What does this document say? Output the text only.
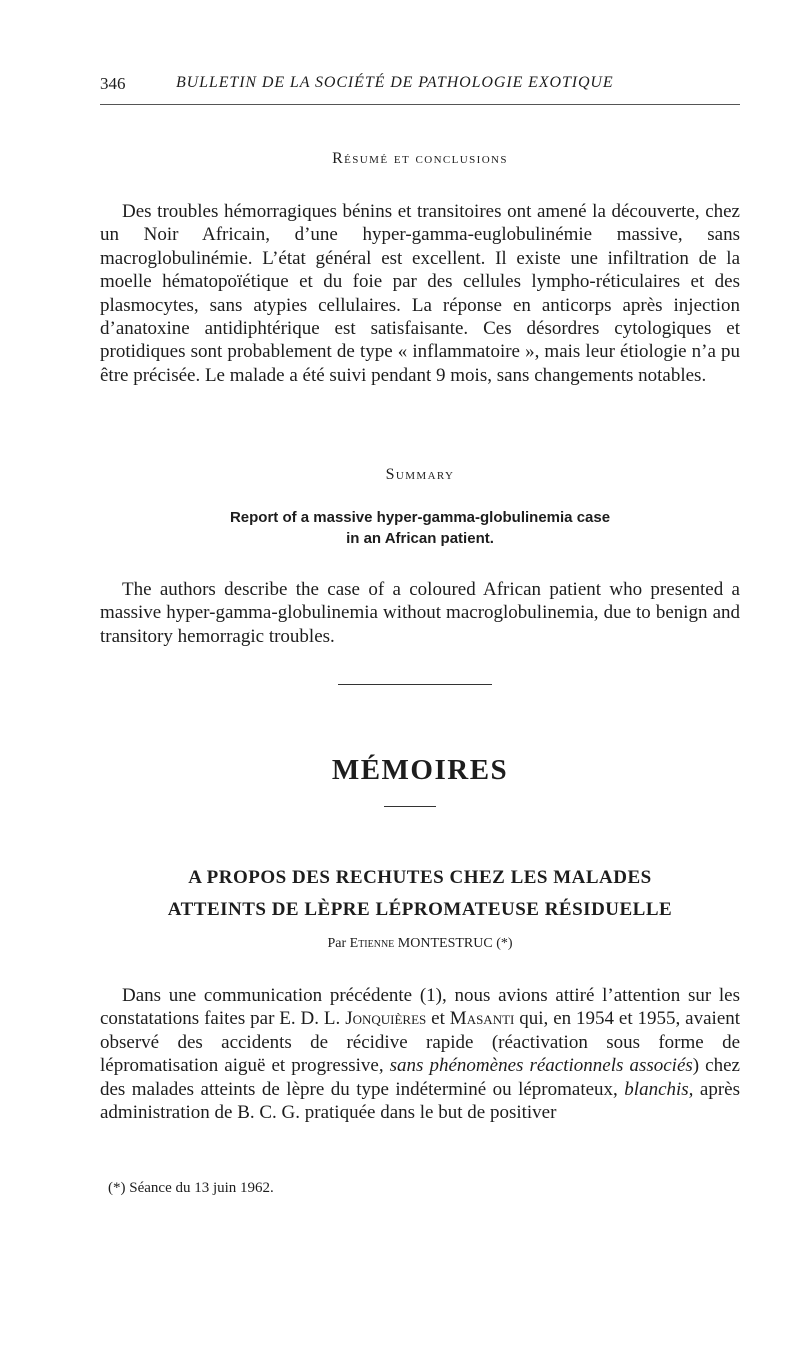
346	BULLETIN DE LA SOCIÉTÉ DE PATHOLOGIE EXOTIQUE
Résumé et conclusions

Des troubles hémorragiques bénins et transitoires ont amené la découverte, chez un Noir Africain, d’une hyper-gamma-euglobulinémie massive, sans macroglobulinémie. L’état général est excellent. Il existe une infiltration de la moelle hématopoïétique et du foie par des cellules lympho-réticulaires et des plasmocytes, sans atypies cellulaires. La réponse en anticorps après injection d’anatoxine antidiphtérique est satisfaisante. Ces désordres cytologiques et protidiques sont probablement de type « inflammatoire », mais leur étiologie n’a pu être précisée. Le malade a été suivi pendant 9 mois, sans changements notables.

Summary
Report of a massive hyper-gamma-globulinemia case
in an African patient.

The authors describe the case of a coloured African patient who presented a massive hyper-gamma-globulinemia without macroglobulinemia, due to benign and transitory hemorragic troubles.

MÉMOIRES
A PROPOS DES RECHUTES CHEZ LES MALADES
ATTEINTS DE LÈPRE LÉPROMATEUSE RÉSIDUELLE
Par Etienne MONTESTRUC (*)

Dans une communication précédente (1), nous avions attiré l’attention sur les constatations faites par E. D. L. Jonquières et Masanti qui, en 1954 et 1955, avaient observé des accidents de récidive rapide (réactivation sous forme de lépromatisation aiguë et progressive, sans phénomènes réactionnels associés) chez des malades atteints de lèpre du type indéterminé ou lépromateux, blanchis, après administration de B. C. G. pratiquée dans le but de positiver

(*) Séance du 13 juin 1962.
